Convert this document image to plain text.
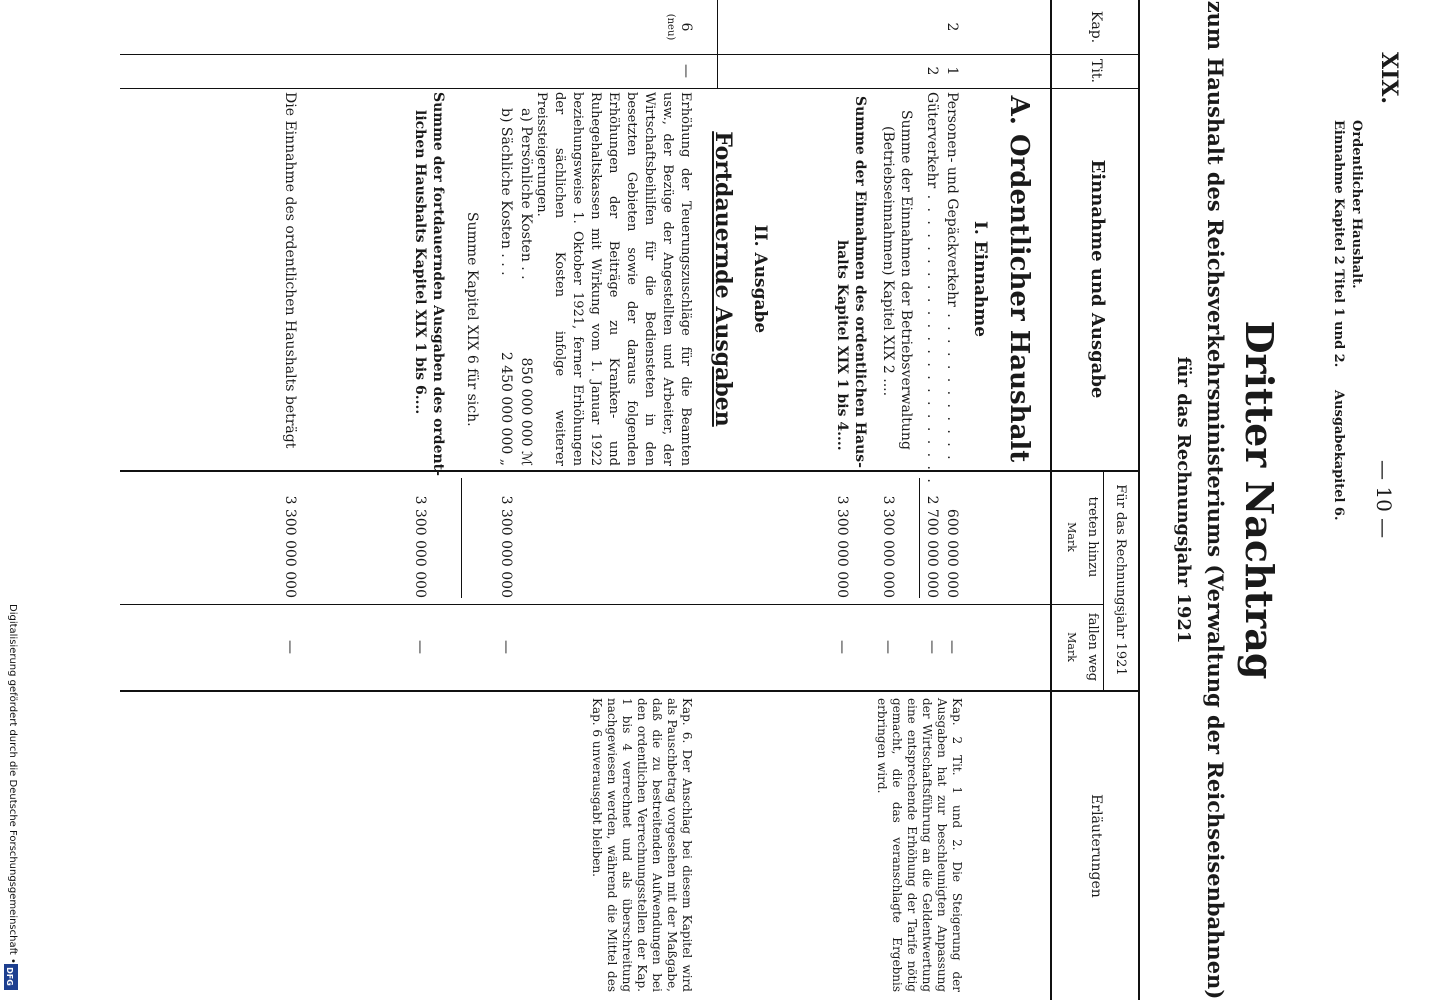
XIX.
— 10 —
Ordentlicher Haushalt.
Einnahme Kapitel 2 Titel 1 und 2.
Ausgabekapitel 6.
Dritter Nachtrag
zum Haushalt des Reichsverkehrsministeriums (Verwaltung der Reichseisenbahnen)
für das Rechnungsjahr 1921
Kap.
Tit.
Einnahme und Ausgabe
Für das Rechnungsjahr 1921
treten hinzu
fallen weg
Mark
Mark
Erläuterungen
A. Ordentlicher Haushalt
I. Einnahme
2
1
Personen- und Gepäckverkehr . . . . . . . . . . . .
600 000 000
—
2
Güterverkehr . . . . . . . . . . . . . . . . . . . . . . .
2 700 000 000
—
Summe der Einnahmen der Betriebsverwaltung
(Betriebseinnahmen) Kapitel XIX 2 ....
3 300 000 000
—
Summe der Einnahmen des ordentlichen Haus-
halts Kapitel XIX 1 bis 4....
3 300 000 000
—
II. Ausgabe
Fortdauernde Ausgaben
6
(neu)
—
Erhöhung der Teuerungszuschläge für die Beamten usw., der Bezüge der Angestellten und Arbeiter, der Wirtschaftsbeihilfen für die Bediensteten in den besetzten Gebieten sowie der daraus folgenden Erhöhungen der Beiträge zu Kranken- und Ruhegehaltskassen mit Wirkung vom 1. Januar 1922 beziehungsweise 1. Oktober 1921, ferner Erhöhungen der sächlichen Kosten infolge weiterer Preissteigerungen.
a) Persönliche Kosten . .
850 000 000 ℳ
b) Sächliche Kosten . . .
2 450 000 000 „
3 300 000 000
—
Summe Kapitel XIX 6 für sich.
Summe der fortdauernden Ausgaben des ordent-
lichen Haushalts Kapitel XIX 1 bis 6....
3 300 000 000
—
Die Einnahme des ordentlichen Haushalts beträgt
3 300 000 000
—
Kap. 2 Tit. 1 und 2. Die Steigerung der Ausgaben hat zur beschleunigten Anpassung der Wirtschaftsführung an die Geldentwertung eine entsprechende Erhöhung der Tarife nötig gemacht, die das veranschlagte Ergebnis erbringen wird.
Kap. 6. Der Anschlag bei diesem Kapitel wird als Pauschbetrag vorgesehen mit der Maßgabe, daß die zu bestreitenden Aufwendungen bei den ordentlichen Verrechnungsstellen der Kap. 1 bis 4 verrechnet und als überschreitung nachgewiesen werden, während die Mittel des Kap. 6 unverausgabt bleiben.
Digitalisierung gefördert durch die Deutsche Forschungsgemeinschaft •
DFG
